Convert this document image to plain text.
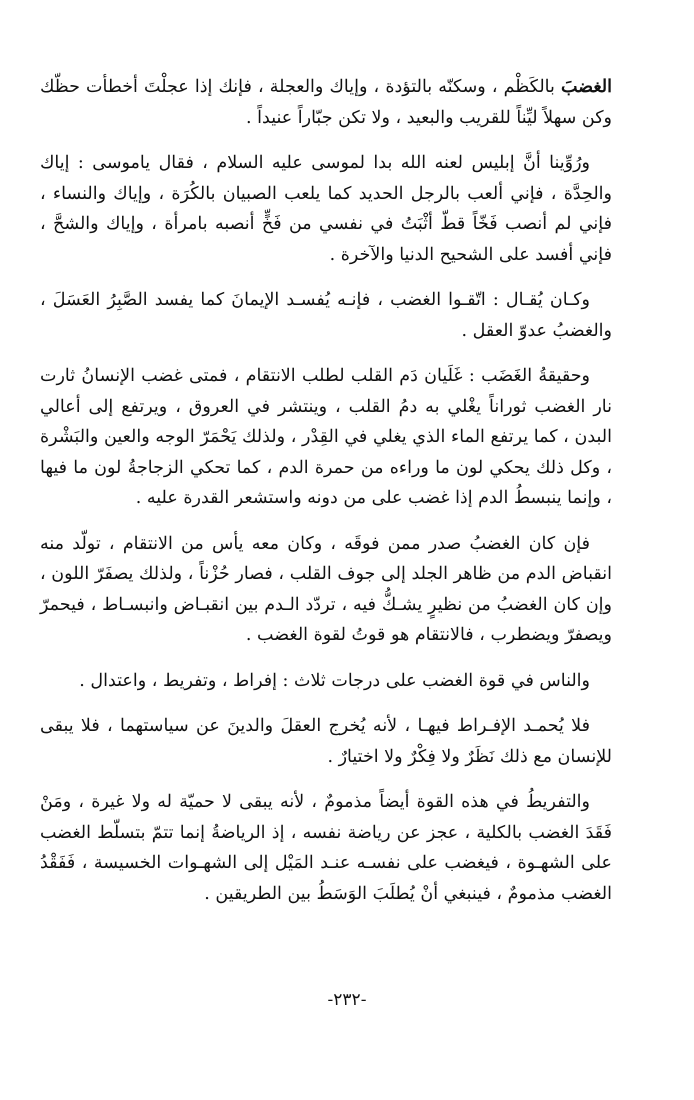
الغضبَ بالكَظْم ، وسكنّه بالتؤدة ، وإياك والعجلة ، فإنك إذا عجلْتَ أخطأت حظّك وكن سهلاً ليِّناً للقريب والبعيد ، ولا تكن جبّاراً عنيداً .

ورُوِّينا أنَّ إبليس لعنه الله بدا لموسى عليه السلام ، فقال ياموسى : إياك والحِدَّة ، فإني ألعب بالرجل الحديد كما يلعب الصبيان بالكُرَة ، وإياك والنساء ، فإني لم أنصب فَخّاً قطّ أثْبَتُ في نفسي من فَخٍّ أنصبه بامرأة ، وإياك والشحَّ ، فإني أفسد على الشحيح الدنيا والآخرة .

وكـان يُقـال : اتّقـوا الغضب ، فإنـه يُفسـد الإيمانَ كما يفسد الصَّبِرُ العَسَلَ ، والغضبُ عدوّ العقل .

وحقيقةُ الغَضَب : غَلَيان دَم القلب لطلب الانتقام ، فمتى غضب الإنسانُ ثارت نار الغضب ثوراناً يغْلي به دمُ القلب ، وينتشر في العروق ، ويرتفع إلى أعالي البدن ، كما يرتفع الماء الذي يغلي في القِدْر ، ولذلك يَحْمَرّ الوجه والعين والبَشْرة ، وكل ذلك يحكي لون ما وراءه من حمرة الدم ، كما تحكي الزجاجةُ لون ما فيها ، وإنما ينبسطُ الدم إذا غضب على من دونه واستشعر القدرة عليه .

فإن كان الغضبُ صدر ممن فوقَه ، وكان معه يأس من الانتقام ، تولّد منه انقباض الدم من ظاهر الجلد إلى جوف القلب ، فصار حُزْناً ، ولذلك يصفَرّ اللون ، وإن كان الغضبُ من نظيرٍ يشـكُّ فيه ، تردّد الـدم بين انقبـاض وانبسـاط ، فيحمرّ ويصفرّ ويضطرب ، فالانتقام هو قوتُ لقوة الغضب .

والناس في قوة الغضب على درجات ثلاث : إفراط ، وتفريط ، واعتدال .

فلا يُحمـد الإفـراط فيهـا ، لأنه يُخرج العقلَ والدينَ عن سياستهما ، فلا يبقى للإنسان مع ذلك نَظَرٌ ولا فِكْرٌ ولا اختيارٌ .

والتفريطُ في هذه القوة أيضاً مذمومٌ ، لأنه يبقى لا حميّة له ولا غيرة ، ومَنْ فَقَدَ الغضب بالكلية ، عجز عن رياضة نفسه ، إذ الرياضةُ إنما تتمّ بتسلّط الغضب على الشهـوة ، فيغضب على نفسـه عنـد المَيْل إلى الشهـوات الخسيسة ، فَفَقْدُ الغضب مذمومٌ ، فينبغي أنْ يُطلَبَ الوَسَطُ بين الطريقين .

-٢٣٢-
